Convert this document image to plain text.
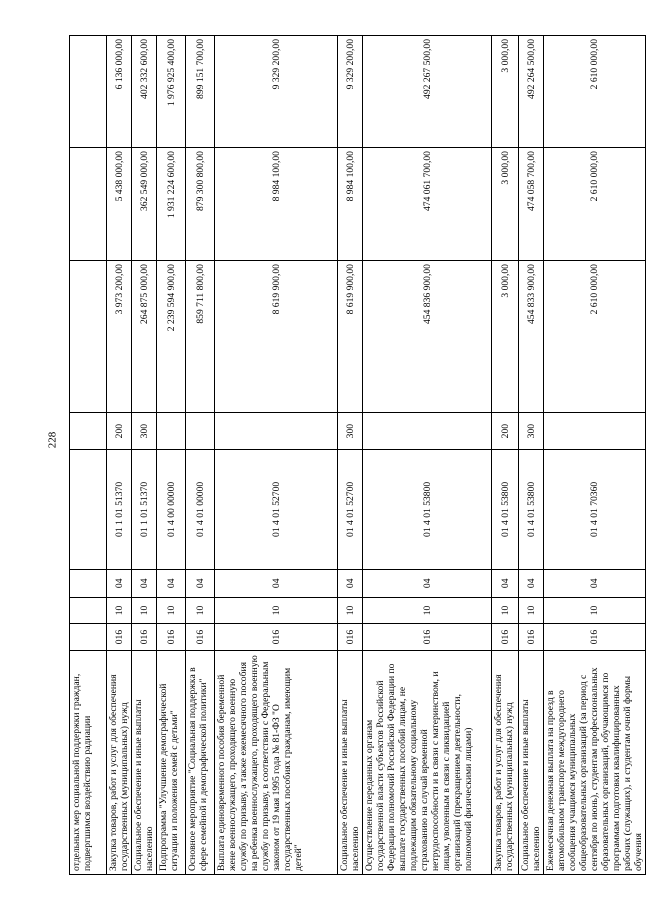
228
отдельных мер социальной поддержки граждан, подвергшимся воздействию радиации								
Закупка товаров, работ и услуг для обеспечения государственных (муниципальных) нужд	016	10	04	01 1 01 51370	200	3 973 200,00	5 438 000,00	6 136 000,00
Социальное обеспечение и иные выплаты населению	016	10	04	01 1 01 51370	300	264 875 000,00	362 549 000,00	402 332 600,00
Подпрограмма "Улучшение демографической ситуации и положения семей с детьми"	016	10	04	01 4 00 00000		2 239 594 900,00	1 931 224 600,00	1 976 925 400,00
Основное мероприятие "Социальная поддержка в сфере семейной и демографической политики"	016	10	04	01 4 01 00000		859 711 800,00	879 300 800,00	899 151 700,00
Выплата единовременного пособия беременной жене военнослужащего, проходящего военную службу по призыву, а также ежемесячного пособия на ребенка военнослужащего, проходящего военную службу по призыву, в соответствии с Федеральным законом от 19 мая 1995 года № 81-ФЗ "О государственных пособиях гражданам, имеющим детей"	016	10	04	01 4 01 52700		8 619 900,00	8 984 100,00	9 329 200,00
Социальное обеспечение и иные выплаты населению	016	10	04	01 4 01 52700	300	8 619 900,00	8 984 100,00	9 329 200,00
Осуществление переданных органам государственной власти субъектов Российской Федерации полномочий Российской Федерации по выплате государственных пособий лицам, не подлежащим обязательному социальному страхованию на случай временной нетрудоспособности и в связи с материнством, и лицам, уволенным в связи с ликвидацией организаций (прекращением деятельности, полномочий физическими лицами)	016	10	04	01 4 01 53800		454 836 900,00	474 061 700,00	492 267 500,00
Закупка товаров, работ и услуг для обеспечения государственных (муниципальных) нужд	016	10	04	01 4 01 53800	200	3 000,00	3 000,00	3 000,00
Социальное обеспечение и иные выплаты населению	016	10	04	01 4 01 53800	300	454 833 900,00	474 058 700,00	492 264 500,00
Ежемесячная денежная выплата на проезд в автомобильном транспорте междугороднего сообщения учащимся муниципальных общеобразовательных организаций (за период с сентября по июнь), студентам профессиональных образовательных организаций, обучающимся по программам подготовки квалифицированных рабочих (служащих), и студентам очной формы обучения	016	10	04	01 4 01 70360		2 610 000,00	2 610 000,00	2 610 000,00
